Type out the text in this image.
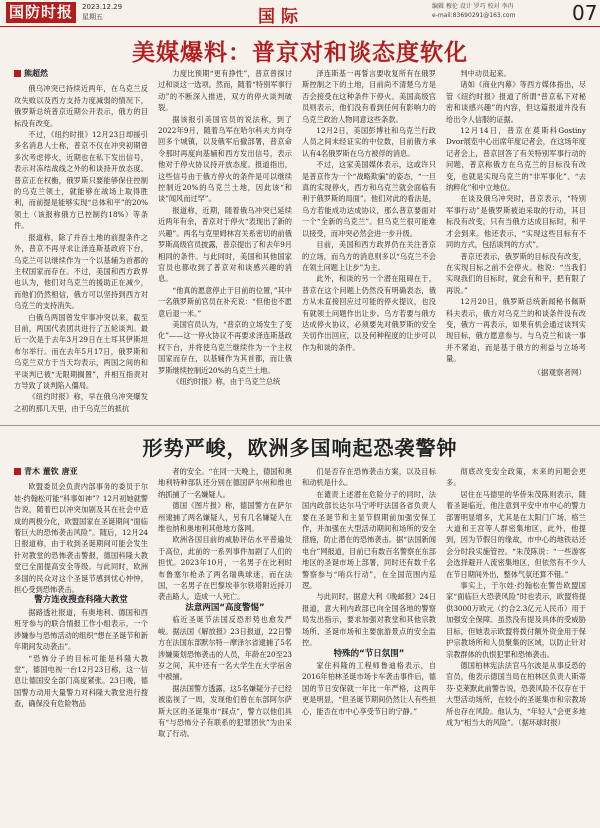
国防时报	2023.12.29
星期五	国际
编辑 穆伦 设计 罗巧 校对 李冉
e-mail:83690291@163.com	07
美媒爆料：普京对和谈态度软化
熊超然

俄乌冲突已持续近两年，在乌克兰反攻失败以及西方支持力度减弱的情况下，俄罗斯总统普京近期公开表示，俄方的目标没有改变。

不过，《纽约时报》12月23日却援引多名消息人士称，普京不仅在冲突初期曾多次考虑停火，近期也在私下发出信号，表示对冻结战线之外的和谈持开放态度。普京正在权衡，俄罗斯只要能够保住控制的乌克兰领土，就能够在战场上取得胜利，而前提是能够实现“总体和平”的20%领土（该报称俄方已控制约18%）等条件。

报道称，除了并吞土地的前提条件之外，普京不再寻求让泽连斯基政府下台，乌克兰可以继续作为一个以基辅为首都的主权国家而存在。不过，美国和西方政界也认为，他们对乌克兰的援助正在减少，而他们仍然相信，俄方可以坚持到西方对乌克兰的支持消失。

白俄乌两国曾发牢事冲突以来，截至目前，两国代表团共进行了五轮谈判。最后一次是于去年3月29日在土耳其伊斯坦布尔举行。而在去年5月17日，俄罗斯和乌克兰双方于当天均表示，两国之间的和平谈判已被“无限期搁置”，并相互指责对方导致了谈判陷入僵局。

《纽约时报》称，早在俄乌冲突爆发之初的那几天里，由于乌克兰的抵抗

力度比预期“更有挣性”，普京曾探讨过和谈这一选项。然而，随着“特别军事行动”的不断深入推进，双方的停火谈判破裂。

据该报引美国官员的说法称，到了2022年9月，随着乌军在哈尔科夫方向夺回多个城镇，以及俄军后撤部署，普京命令那时再度向基辅和西方发出信号，表示他对于停火协议持开放态度。报道指出，这些信号由于俄方停火的条件是可以继续控制近20%的乌克兰土地，因此该“和谈”闻风而过罕”。

报道称，近期，随着俄乌冲突已延续近两年有余，普京对于停火“表现出了新的兴趣”。两名与克里姆林宫关系密切的前俄罗斯高级官员披露，普京提出了和去年9月相同的条件。与此同时，美国和其他国家官员也都收到了普京对和谈感兴趣的消息。

“他真的愿意停止于目前的位置，”其中一名俄罗斯前官员在补充说：“但他也不愿意后退一米。”

美国官员认为，“普京的立场发生了变化”——这一停火协议不再要求泽连斯基政权下台，并将使乌克兰继续作为一个主权国家而存在，以基辅作为其首都，而让俄罗斯继续控制近20%的乌克兰土地。

《纽约时报》称，由于乌克兰总统

泽连斯基一再誓言要收复所有在俄罗斯控制之下的土地，目前尚不清楚乌方是否会接受在这种条件下停火。美国高级官员则表示，他们没有看到任何有影响力的乌克兰政治人物同意这些条款。

12月2日，美国彭博社和乌克兰行政人员之间未经证实的中位数，目前俄方承认有4名俄罗斯在乌方被俘的消息。

不过，这家美国媒体表示，这或许只是普京作为一个“战略欺骗”的姿态，“一旦真的实现停火，西方和乌克兰就会面临有利于俄罗斯的局面”。他们对此的看法是，乌方若能成功达成协议，那么普京要面对一个“全新的乌克兰”。但乌克兰很可能难以接受，而冲突必然会进一步升级。

目前，美国和西方政界仍在关注普京的立场，而乌方的消息则多以“乌克兰不会在领土问题上让步”为主。

此外，和谈的另一个潜在阻碍在于，普京在这个问题上仍然没有明确表态，俄方从未直接回应过可能的停火提议，也没有就领土问题作出让步。乌方若要与俄方达成停火协议，必须要先对俄罗斯的安全关切作出回应，以及何种程度的让步可以作为和谈的条件。

判中动员起来。

诸如《商业内幕》等西方媒体指出，尽管《纽约时报》报道了所谓“普京私下对秘密和谈感兴趣”的内容，但这篇报道并没有给出令人信服的证据。

12月14日，普京在莫斯科Gostiny Dvor展览中心出席年度记者会，在这场年度记者会上，普京回答了有关特别军事行动的问题，普京称俄方在乌克兰的目标没有改变，也就是实现乌克兰的“非军事化”、“去纳粹化”和中立地位。

在谈及俄乌冲突时，普京表示，“特别军事行动”是俄罗斯被迫采取的行动，其目标没有改变，只有当俄方达成目标时，和平才会到来。他还表示，“实现这些目标有不同的方式，包括谈判的方式”。

普京还表示，俄罗斯的目标没有改变，在实现目标之前不会停火。他说：“当我们实现我们的目标时，就会有和平，把有限了再说。”

12月20日，俄罗斯总统新闻秘书佩斯科夫表示，俄方对乌克兰的和谈条件没有改变，俄方一再表示，如果有机会通过谈判实现目标，俄方愿意参与。与乌克兰和谈一事并不紧迫，而是基于俄方的利益与立场考量。

（据观察者网）
形势严峻，欧洲多国响起恐袭警钟
青木 董钦 唐亚

欧盟委员会负责内部事务的委员于尔娃·约翰松可能“科事如神”？12月初她就警告说，随着巴以冲突加剧及其在社会中造成的两极分化，欧盟国家在圣诞期间“面临着巨大的恐怖袭击风险”。随后，12月24日报道称，由于收到圣诞期间可能会发生针对教堂的恐怖袭击警报，德国科隆大教堂已全面提高安全等级。与此同时，欧洲多国的民众对这个圣诞节感到忧心忡忡，担心受到恐怖袭击。

警方连夜搜查科隆大教堂

据路透社报道，有奥地利、德国和西班牙参与的联合情报工作小组表示，一个涉嫌参与恐怖活动的组织“想在圣诞节和新年期间发动袭击”。

“恐怖分子的目标可能是科隆大教堂”，德国电视一台12月23日称，这一信息让德国安全部门高度紧张。23日晚，德国警方动用大量警力对科隆大教堂进行搜查，确保没有危险物品

者的安全。“在同一天晚上，德国和奥地利特种部队还分别在德国萨尔州和维也纳抓捕了一名嫌疑人。

德国《图片报》称，德国警方在萨尔州逮捕了两名嫌疑人，另有几名嫌疑人在维也纳和奥地利其他地方落网。

欧洲各国目前的威胁评估水平普遍处于高位，此前的一系列事件加剧了人们的担忧。2023年10月，一名男子在比利时布鲁塞尔枪杀了两名瑞典球迷，而在法国，一名男子在巴黎埃菲尔铁塔附近持刀袭击路人，造成一人死亡。

法意两国“高度警惕”

临近圣诞节法国反恐形势也愈发严峻。据法国《解放报》23日报道，22日警方在法国东部默尔特－摩泽尔省逮捕了5名涉嫌策划恐怖袭击的人员，年龄在20至23岁之间，其中还有一名大学生在大学宿舍中被捕。

据法国警方透露，这5名嫌疑分子已经被监视了一周，发现他们曾在东部阿尔萨斯大区的圣诞集市“踩点”，警方以他们具有“与恐怖分子有联系的犯罪团伙”为由采取了行动。

们是否存在恐怖袭击方案，以及目标和动机是什么。

在谴责上述潜在危险分子的同时，法国内政部长达尔马宁呼吁法国各省负责人要在圣诞节和主显节假期前加强安保工作，并加强在大型活动期间和场所的安全措施，防止潜在的恐怖袭击。据“法国新闻电台”网报道，目前已有数百名警察在东部地区的圣诞市场上部署，同时还有数千名警察参与“哨兵行动”，在全国范围内巡逻。

与此同时，据意大利《晚邮报》24日报道，意大利内政部已向全国各地的警察局发出指示，要求加强对教堂和其他宗教场所、圣诞市场和主要旅游景点的安全监控。

特殊的“节日氛围”

家住科隆的工程师鲁迪格表示，自2016年柏林圣诞市场卡车袭击事件后，德国的节日安保就一年比一年严格，这两年更是明显，“但圣诞节期间仍然让人有些担心，能否在市中心享受节日的宁静。”

彻底改变安全政策，未来的问题会更多。

居住在马德里的华侨朱茂陈则表示，随着圣诞临近，他注意到平安中市中心的警力部署明显增多，尤其是在太阳门广场、格兰大道和王宫等人群密集地区，此外，他提到，因为节假日的缘故，市中心的地铁站还会分时段实施管控。“朱茂陈说：“一些游客会选择避开人流密集地区，但依然有不少人在节日期间外出，整体气氛还算不错。”

事实上，于尔娃·约翰松在警告欧盟国家“面临巨大恐袭风险”时也表示，欧盟将提供3000万欧元（约合2.3亿元人民币）用于加强安全保障。虽然没有提及具体的受威胁目标，但她表示欧盟将拨付额外资金用于保护宗教场所和人员聚集的区域，以防止针对宗教群体的仇恨犯罪和恐怖袭击。

德国柏林宪法法官马尔波是从事反恐的官员，他表示德国当局在柏林区负责人斯蒂芬·克莱默此前警告说，恐袭风险不仅存在于大型活动场所，在较小的圣诞集市和宗教场所也存在风险。他认为，“年轻人”会更多地成为“相当大的风险”。（据环球时报）
